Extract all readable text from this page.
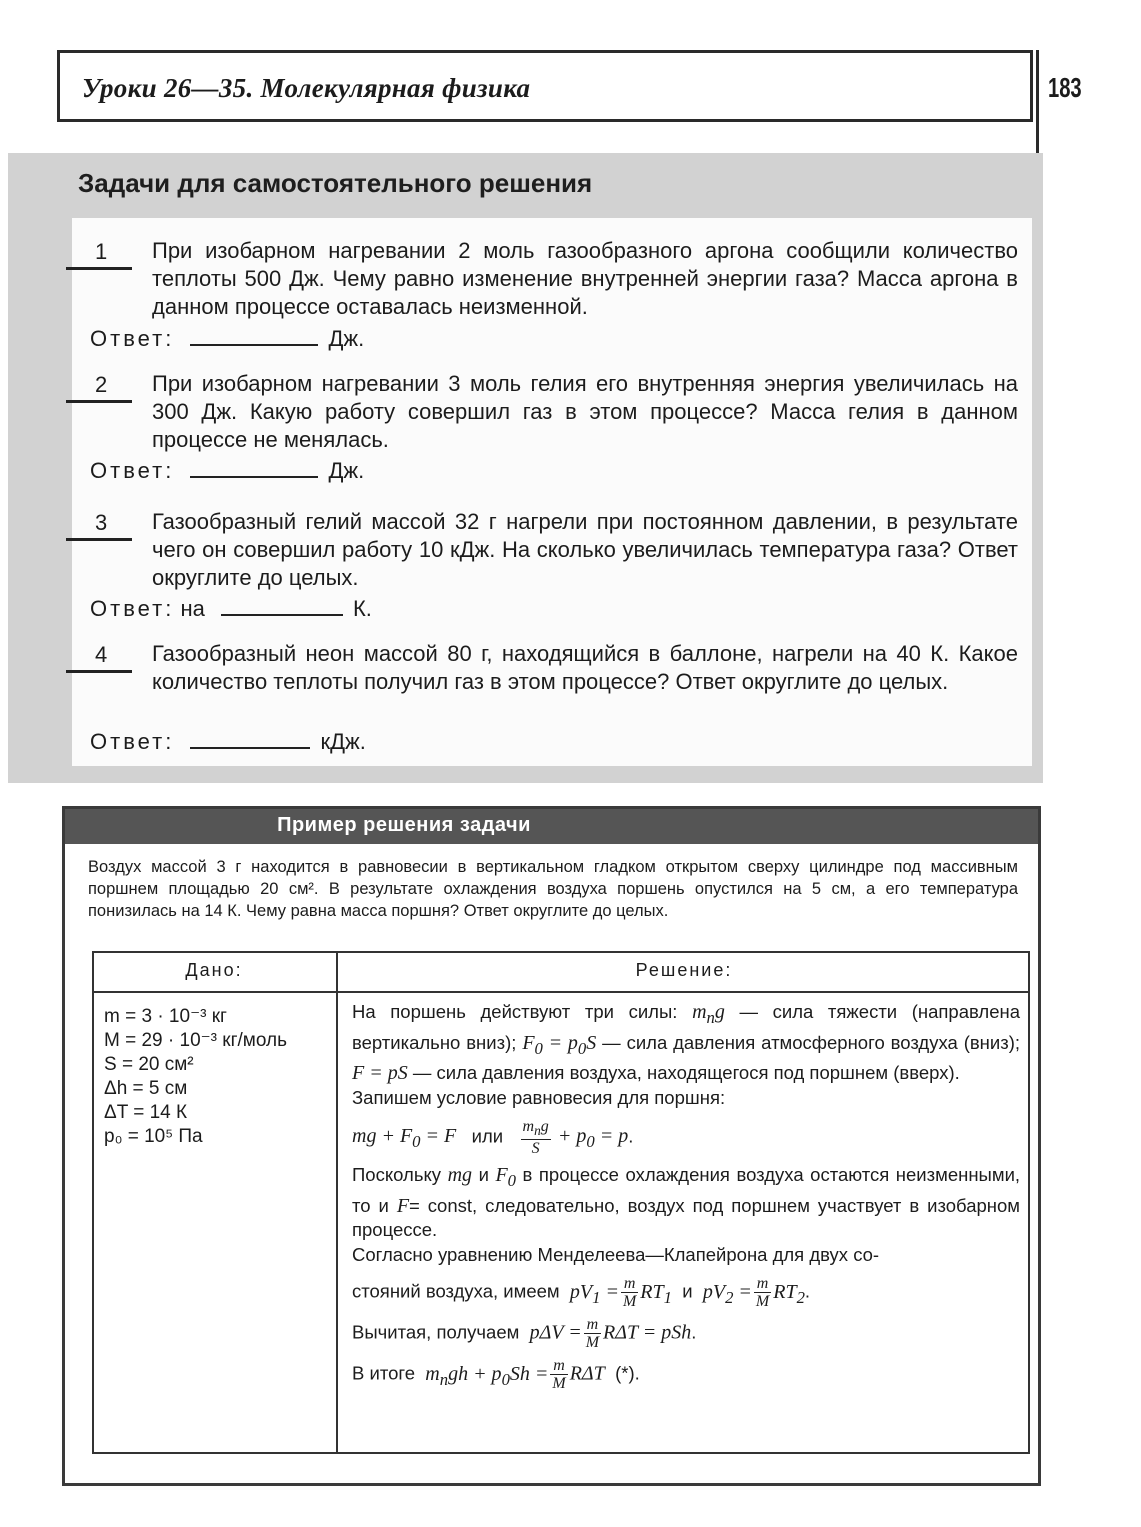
Уроки 26—35. Молекулярная физика	183
Задачи для самостоятельного решения
1 При изобарном нагревании 2 моль газообразного аргона сообщили количество теплоты 500 Дж. Чему равно изменение внутренней энергии газа? Масса аргона в данном процессе оставалась неизменной.
Ответ:	Дж.
2 При изобарном нагревании 3 моль гелия его внутренняя энергия увеличилась на 300 Дж. Какую работу совершил газ в этом процессе? Масса гелия в данном процессе не менялась.
Ответ:	Дж.
3 Газообразный гелий массой 32 г нагрели при постоянном давлении, в результате чего он совершил работу 10 кДж. На сколько увеличилась температура газа? Ответ округлите до целых.
Ответ: на	К.
4 Газообразный неон массой 80 г, находящийся в баллоне, нагрели на 40 К. Какое количество теплоты получил газ в этом процессе? Ответ округлите до целых.
Ответ:	кДж.
Пример решения задачи
Воздух массой 3 г находится в равновесии в вертикальном гладком открытом сверху цилиндре под массивным поршнем площадью 20 см². В результате охлаждения воздуха поршень опустился на 5 см, а его температура понизилась на 14 К. Чему равна масса поршня? Ответ округлите до целых.
Дано:	Решение:
m = 3 · 10⁻³ кг
M = 29 · 10⁻³ кг/моль
S = 20 см²
Δh = 5 см
ΔT = 14 К
p₀ = 10⁵ Па

На поршень действуют три силы: $m_пg$ — сила тяжести (направлена вертикально вниз); $F_0 = p_0S$ — сила давления атмосферного воздуха (вниз); F = pS — сила давления воздуха, находящегося под поршнем (вверх).

Запишем условие равновесия для поршня:

mg + $F_0 = F$ или $\frac{m_пg}{S} + p_0 = p$.

Поскольку mg и $F_0$ в процессе охлаждения воздуха остаются неизменными, то и F= const, следовательно, воздух под поршнем участвует в изобарном процессе.

Согласно уравнению Менделеева—Клапейрона для двух со-

стояний воздуха, имеем $pV_1 = \frac{m}{M} RT_1$ и $pV_2 = \frac{m}{M} RT_2$.

Вычитая, получаем $p\Delta V = \frac{m}{M}$ RΔT = pSh.

В итоге $m_пgh + p_0Sh = \frac{m}{M}$ RΔT (*).
